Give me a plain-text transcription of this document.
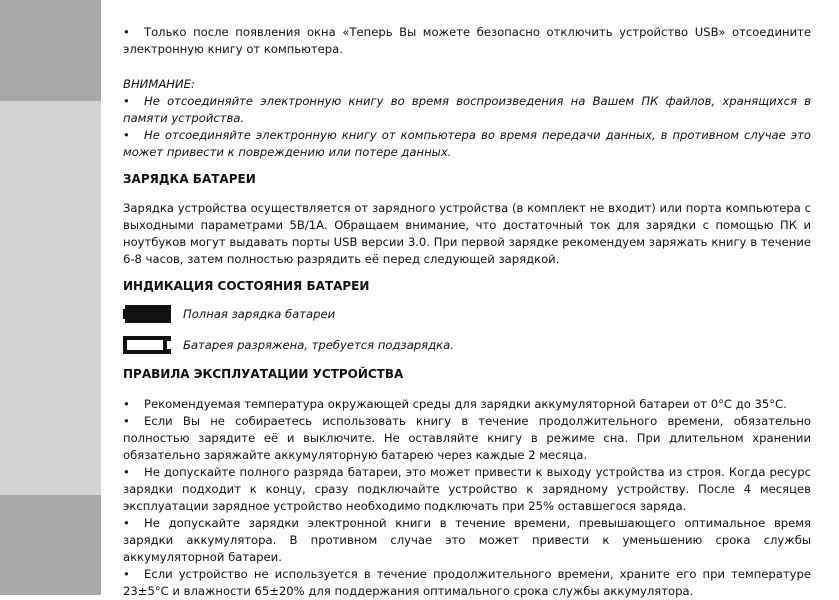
• Только после появления окна «Теперь Вы можете безопасно отключить устройство USB» отсоедините электронную книгу от компьютера.

ВНИМАНИЕ:

• Не отсоединяйте электронную книгу во время воспроизведения на Вашем ПК файлов, хранящихся в памяти устройства.

• Не отсоединяйте электронную книгу от компьютера во время передачи данных, в противном случае это может привести к повреждению или потере данных.

ЗАРЯДКА БАТАРЕИ

Зарядка устройства осуществляется от зарядного устройства (в комплект не входит) или порта компьютера с выходными параметрами 5В/1А. Обращаем внимание, что достаточный ток для зарядки с помощью ПК и ноутбуков могут выдавать порты USB версии 3.0. При первой зарядке рекомендуем заряжать книгу в течение 6-8 часов, затем полностью разрядить её перед следующей зарядкой.

ИНДИКАЦИЯ СОСТОЯНИЯ БАТАРЕИ
Полная зарядка батареи
Батарея разряжена, требуется подзарядка.
ПРАВИЛА ЭКСПЛУАТАЦИИ УСТРОЙСТВА

• Рекомендуемая температура окружающей среды для зарядки аккумуляторной батареи от 0°С до 35°С.

• Если Вы не собираетесь использовать книгу в течение продолжительного времени, обязательно полностью зарядите её и выключите. Не оставляйте книгу в режиме сна. При длительном хранении обязательно заряжайте аккумуляторную батарею через каждые 2 месяца.

• Не допускайте полного разряда батареи, это может привести к выходу устройства из строя. Когда ресурс зарядки подходит к концу, сразу подключайте устройство к зарядному устройству. После 4 месяцев эксплуатации зарядное устройство необходимо подключать при 25% оставшегося заряда.

• Не допускайте зарядки электронной книги в течение времени, превышающего оптимальное время зарядки аккумулятора. В противном случае это может привести к уменьшению срока службы аккумуляторной батареи.

• Если устройство не используется в течение продолжительного времени, храните его при температуре 23±5°С и влажности 65±20% для поддержания оптимального срока службы аккумулятора.
